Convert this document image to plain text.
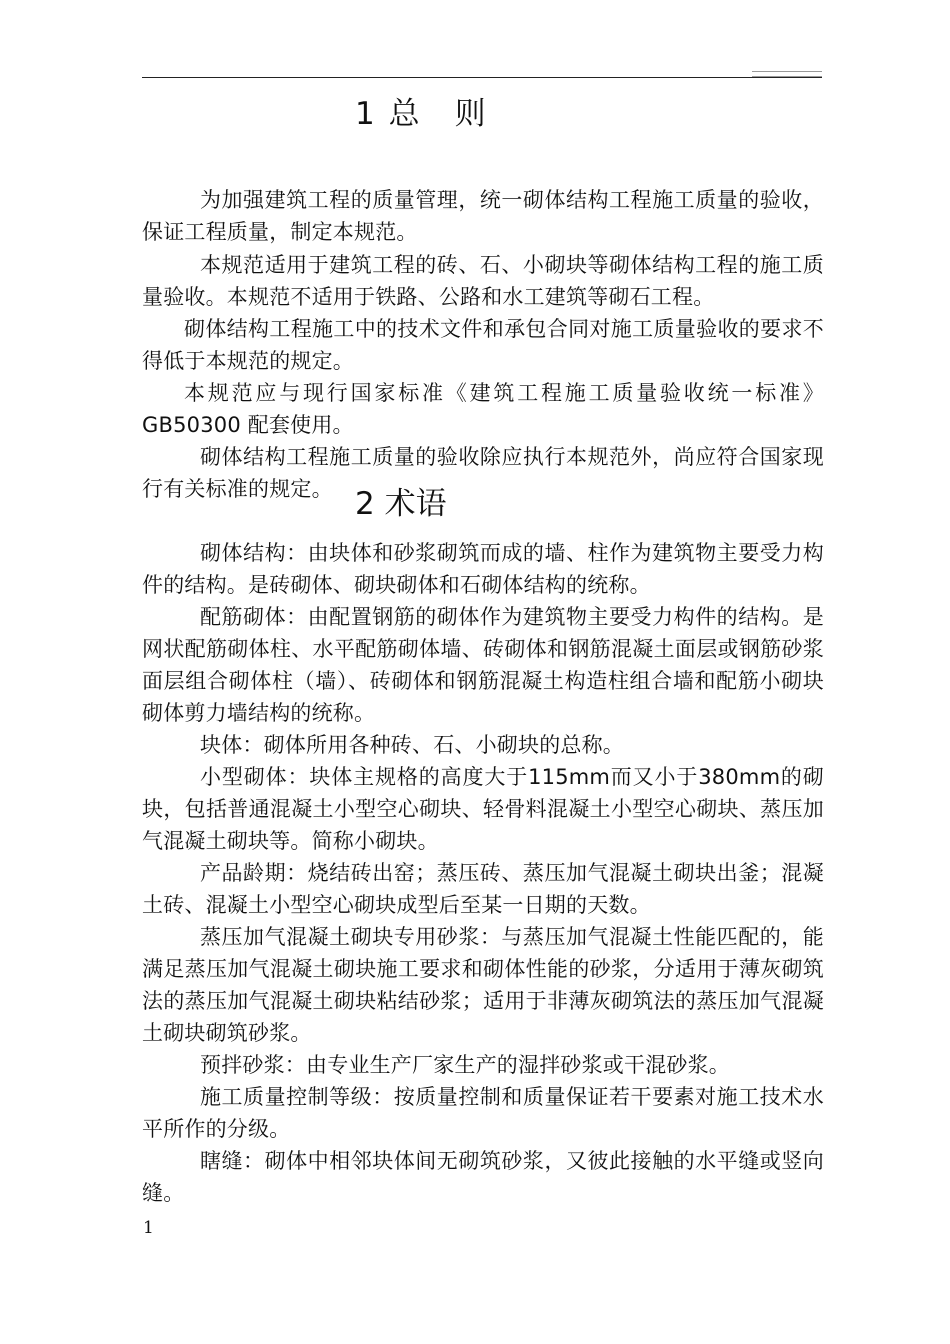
1 总　则

为加强建筑工程的质量管理，统一砌体结构工程施工质量的验收，保证工程质量，制定本规范。

本规范适用于建筑工程的砖、石、小砌块等砌体结构工程的施工质量验收。本规范不适用于铁路、公路和水工建筑等砌石工程。

砌体结构工程施工中的技术文件和承包合同对施工质量验收的要求不得低于本规范的规定。

本规范应与现行国家标准《建筑工程施工质量验收统一标准》GB50300 配套使用。

砌体结构工程施工质量的验收除应执行本规范外，尚应符合国家现行有关标准的规定。 2 术语

砌体结构：由块体和砂浆砌筑而成的墙、柱作为建筑物主要受力构件的结构。是砖砌体、砌块砌体和石砌体结构的统称。

配筋砌体：由配置钢筋的砌体作为建筑物主要受力构件的结构。是网状配筋砌体柱、水平配筋砌体墙、砖砌体和钢筋混凝土面层或钢筋砂浆面层组合砌体柱（墙）、砖砌体和钢筋混凝土构造柱组合墙和配筋小砌块砌体剪力墙结构的统称。

块体：砌体所用各种砖、石、小砌块的总称。

小型砌体：块体主规格的高度大于115mm而又小于380mm的砌块，包括普通混凝土小型空心砌块、轻骨料混凝土小型空心砌块、蒸压加气混凝土砌块等。简称小砌块。

产品龄期：烧结砖出窑；蒸压砖、蒸压加气混凝土砌块出釜；混凝土砖、混凝土小型空心砌块成型后至某一日期的天数。

蒸压加气混凝土砌块专用砂浆：与蒸压加气混凝土性能匹配的，能满足蒸压加气混凝土砌块施工要求和砌体性能的砂浆，分适用于薄灰砌筑法的蒸压加气混凝土砌块粘结砂浆；适用于非薄灰砌筑法的蒸压加气混凝土砌块砌筑砂浆。

预拌砂浆：由专业生产厂家生产的湿拌砂浆或干混砂浆。

施工质量控制等级：按质量控制和质量保证若干要素对施工技术水平所作的分级。

瞎缝：砌体中相邻块体间无砌筑砂浆，又彼此接触的水平缝或竖向缝。

1
